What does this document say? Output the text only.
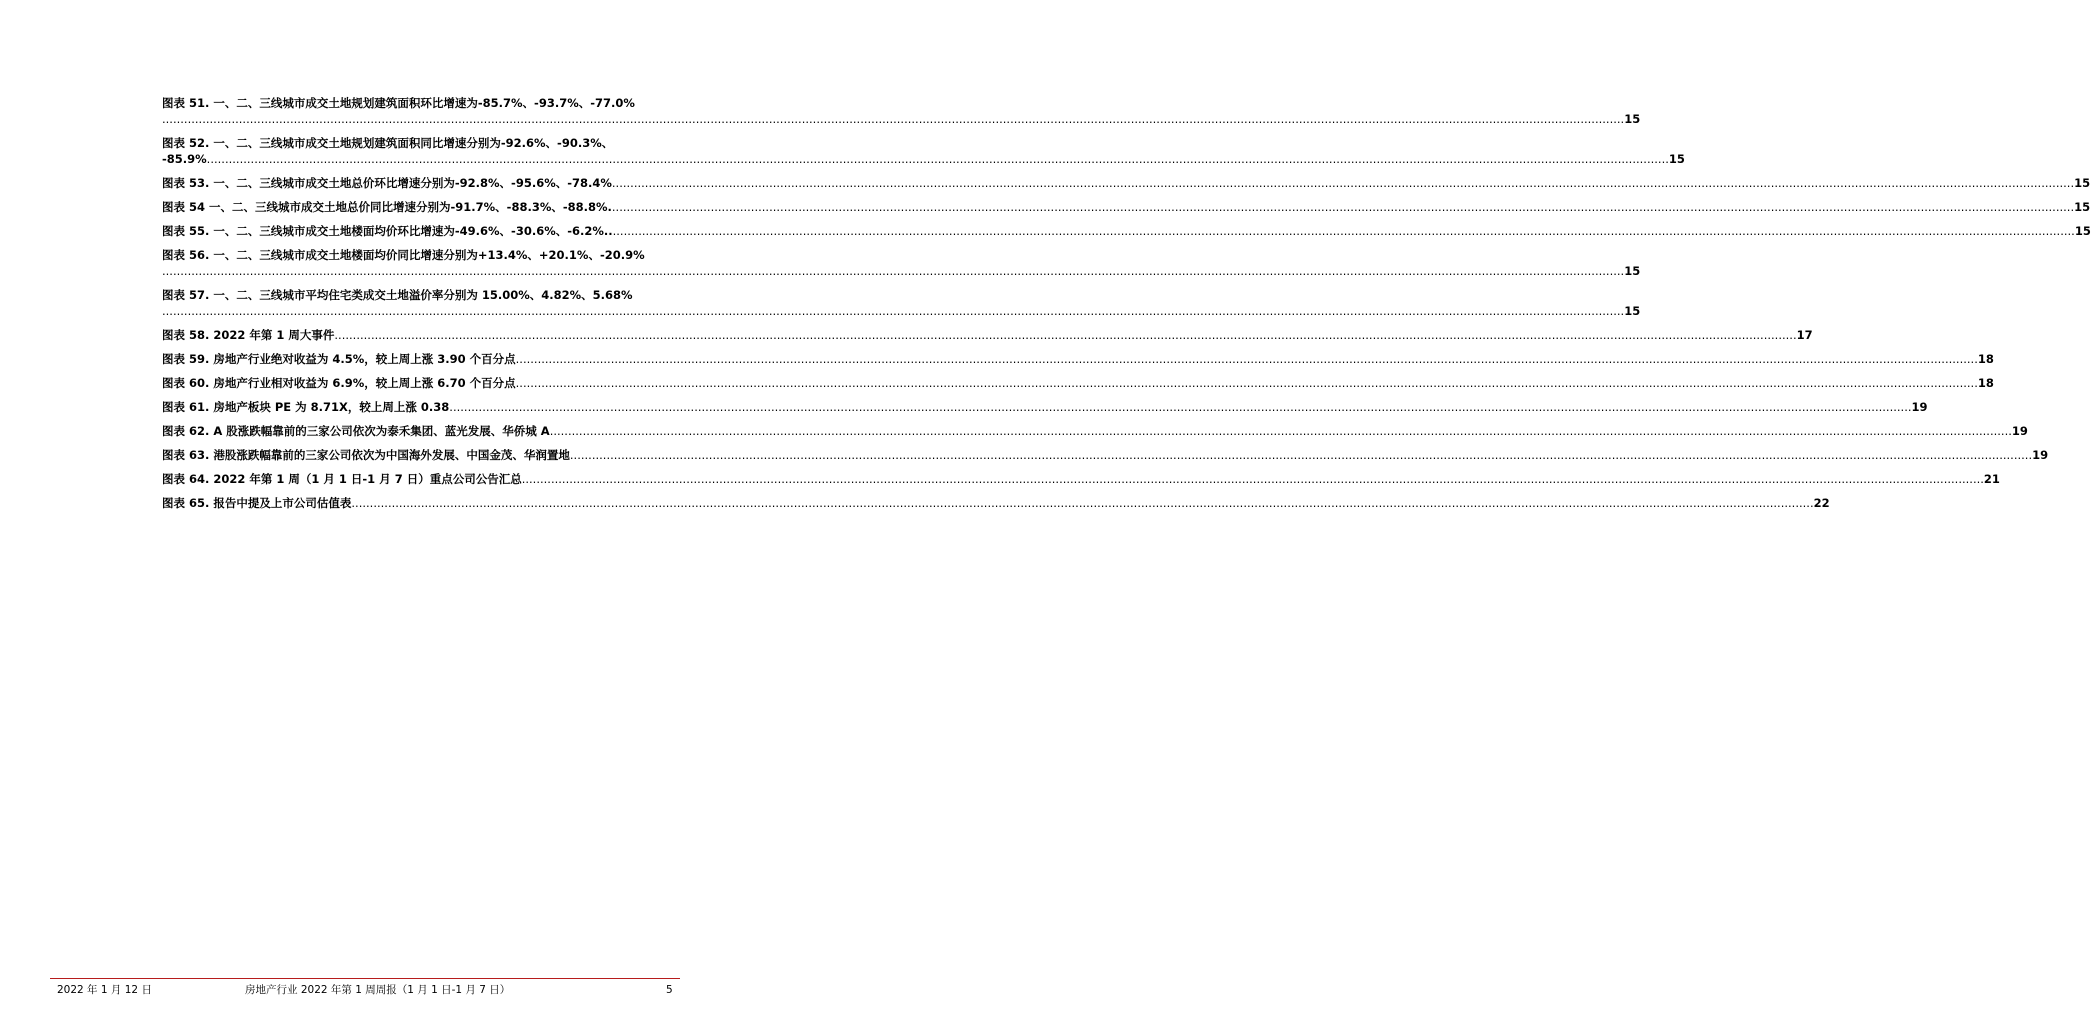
图表 51. 一、二、三线城市成交土地规划建筑面积环比增速为-85.7%、-93.7%、-77.0%
................................................................................................................................................................................................................................................................................................................................................................................................................ 15
图表 52. 一、二、三线城市成交土地规划建筑面积同比增速分别为-92.6%、-90.3%、
-85.9% ................................................................................................................................................................................................................................................................................................................................................................................................................ 15
图表 53. 一、二、三线城市成交土地总价环比增速分别为-92.8%、-95.6%、-78.4% ................................................................................................................................................................................................................................................................................................................................................................................................................ 15
图表 54 一、二、三线城市成交土地总价同比增速分别为-91.7%、-88.3%、-88.8%. ................................................................................................................................................................................................................................................................................................................................................................................................................ 15
图表 55. 一、二、三线城市成交土地楼面均价环比增速为-49.6%、-30.6%、-6.2%.. ................................................................................................................................................................................................................................................................................................................................................................................................................ 15
图表 56. 一、二、三线城市成交土地楼面均价同比增速分别为+13.4%、+20.1%、-20.9%
................................................................................................................................................................................................................................................................................................................................................................................................................ 15
图表 57. 一、二、三线城市平均住宅类成交土地溢价率分别为 15.00%、4.82%、5.68%
................................................................................................................................................................................................................................................................................................................................................................................................................ 15
图表 58. 2022 年第 1 周大事件 ................................................................................................................................................................................................................................................................................................................................................................................................................ 17
图表 59. 房地产行业绝对收益为 4.5%，较上周上涨 3.90 个百分点 ................................................................................................................................................................................................................................................................................................................................................................................................................ 18
图表 60. 房地产行业相对收益为 6.9%，较上周上涨 6.70 个百分点 ................................................................................................................................................................................................................................................................................................................................................................................................................ 18
图表 61. 房地产板块 PE 为 8.71X，较上周上涨 0.38 ................................................................................................................................................................................................................................................................................................................................................................................................................ 19
图表 62. A 股涨跌幅靠前的三家公司依次为泰禾集团、蓝光发展、华侨城 A ................................................................................................................................................................................................................................................................................................................................................................................................................ 19
图表 63. 港股涨跌幅靠前的三家公司依次为中国海外发展、中国金茂、华润置地 ................................................................................................................................................................................................................................................................................................................................................................................................................ 19
图表 64. 2022 年第 1 周（1 月 1 日-1 月 7 日）重点公司公告汇总 ................................................................................................................................................................................................................................................................................................................................................................................................................ 21
图表 65. 报告中提及上市公司估值表 ................................................................................................................................................................................................................................................................................................................................................................................................................ 22
2022 年 1 月 12 日	房地产行业 2022 年第 1 周周报（1 月 1 日-1 月 7 日）	5
